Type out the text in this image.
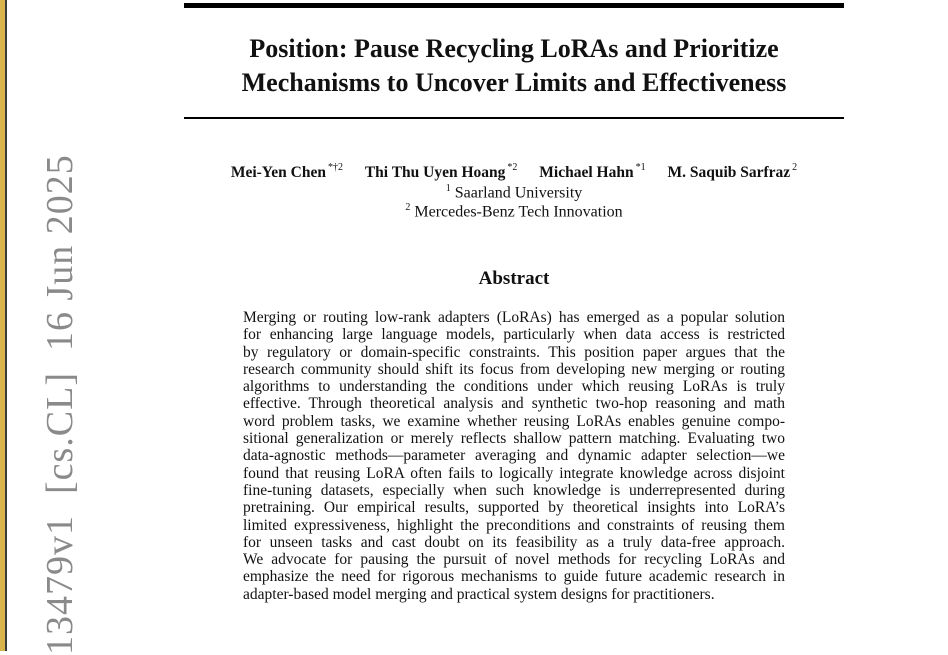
13479v1  [cs.CL]  16 Jun 2025
Position: Pause Recycling LoRAs and Prioritize
Mechanisms to Uncover Limits and Effectiveness
Mei-Yen Chen $^{*\dagger 2}$ Thi Thu Uyen Hoang $^{*2}$ Michael Hahn $^{*1}$ M. Saquib Sarfraz $^2$
$^1$ Saarland University
$^2$ Mercedes-Benz Tech Innovation
Abstract
Merging or routing low-rank adapters (LoRAs) has emerged as a popular solution
for enhancing large language models, particularly when data access is restricted
by regulatory or domain-specific constraints. This position paper argues that the
research community should shift its focus from developing new merging or routing
algorithms to understanding the conditions under which reusing LoRAs is truly
effective. Through theoretical analysis and synthetic two-hop reasoning and math
word problem tasks, we examine whether reusing LoRAs enables genuine compo-
sitional generalization or merely reflects shallow pattern matching. Evaluating two
data-agnostic methods—parameter averaging and dynamic adapter selection—we
found that reusing LoRA often fails to logically integrate knowledge across disjoint
fine-tuning datasets, especially when such knowledge is underrepresented during
pretraining. Our empirical results, supported by theoretical insights into LoRA’s
limited expressiveness, highlight the preconditions and constraints of reusing them
for unseen tasks and cast doubt on its feasibility as a truly data-free approach.
We advocate for pausing the pursuit of novel methods for recycling LoRAs and
emphasize the need for rigorous mechanisms to guide future academic research in
adapter-based model merging and practical system designs for practitioners.
